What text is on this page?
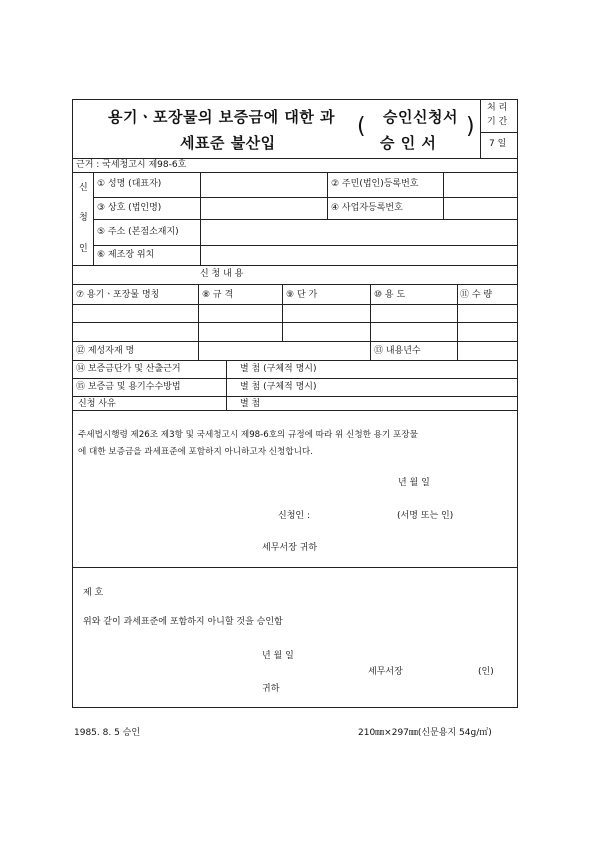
용기ㆍ포장물의 보증금에 대한 과
세표준 불산입
( 승인신청서
승 인 서
)
처 리
기 간
7 일
근거 : 국세청고시 제98-6호
신
청
인
① 성명 (대표자)	② 주민(법인)등록번호
③ 상호 (법인명)	④ 사업자등록번호
⑤ 주소 (본점소재지)
⑥ 제조장 위치
신 청 내 용
⑦ 용기ㆍ포장물 명칭	⑧ 규 격	⑨ 단 가	⑩ 용 도	⑪ 수 량
⑫ 제성자재 명	⑬ 내용년수
⑭ 보증금단가 및 산출근거	별 첨 (구체적 명시)
⑮ 보증금 및 용기수수방법	별 첨 (구체적 명시)
신청 사유	별 첨
주세법시행령 제26조 제3항 및 국세청고시 제98-6호의 규정에 따라 위 신청한 용기 포장물
에 대한 보증금을 과세표준에 포함하지 아니하고자 신청합니다.
년 월 일
신청인 :	(서명 또는 인)
세무서장 귀하
제 호
위와 같이 과세표준에 포함하지 아니할 것을 승인함
년 월 일
세무서장	(인)
귀하
1985. 8. 5 승인	210㎜×297㎜(신문용지 54g/㎡)
